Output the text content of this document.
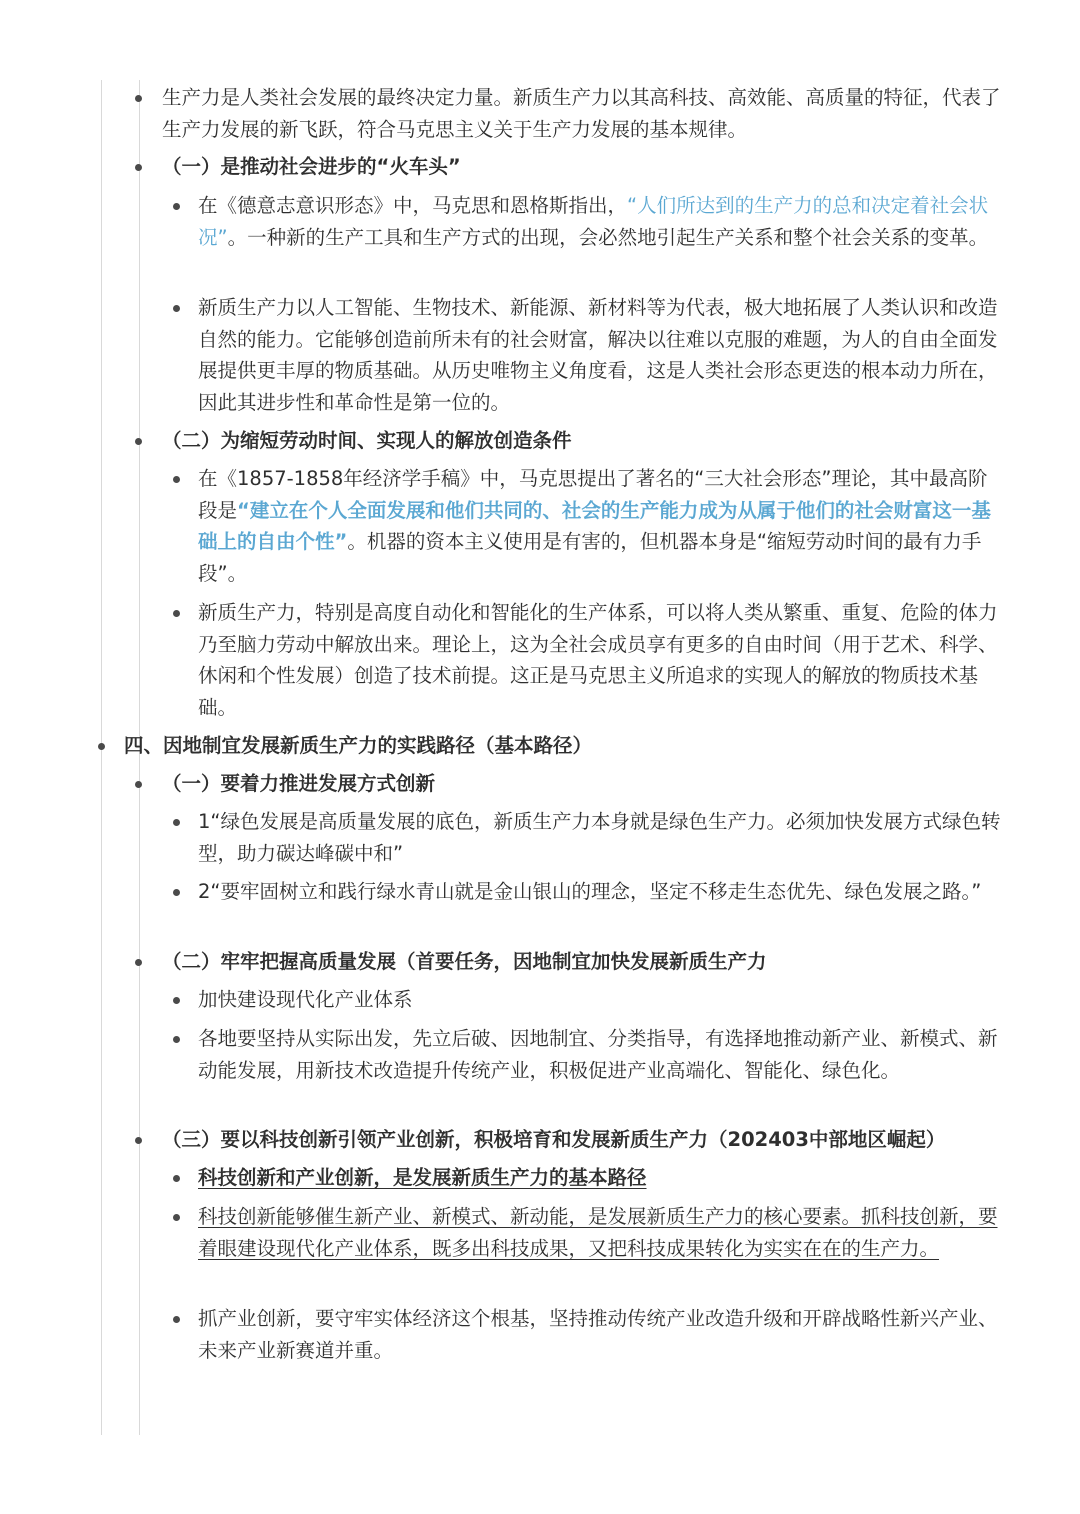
生产力是人类社会发展的最终决定力量。新质生产力以其高科技、高效能、高质量的特征，代表了生产力发展的新飞跃，符合马克思主义关于生产力发展的基本规律。
（一）是推动社会进步的“火车头”
在《德意志意识形态》中，马克思和恩格斯指出，“人们所达到的生产力的总和决定着社会状况”。一种新的生产工具和生产方式的出现，会必然地引起生产关系和整个社会关系的变革。
新质生产力以人工智能、生物技术、新能源、新材料等为代表，极大地拓展了人类认识和改造自然的能力。它能够创造前所未有的社会财富，解决以往难以克服的难题，为人的自由全面发展提供更丰厚的物质基础。从历史唯物主义角度看，这是人类社会形态更迭的根本动力所在，因此其进步性和革命性是第一位的。
（二）为缩短劳动时间、实现人的解放创造条件
在《1857-1858年经济学手稿》中，马克思提出了著名的“三大社会形态”理论，其中最高阶段是“建立在个人全面发展和他们共同的、社会的生产能力成为从属于他们的社会财富这一基础上的自由个性”。机器的资本主义使用是有害的，但机器本身是“缩短劳动时间的最有力手段”。
新质生产力，特别是高度自动化和智能化的生产体系，可以将人类从繁重、重复、危险的体力乃至脑力劳动中解放出来。理论上，这为全社会成员享有更多的自由时间（用于艺术、科学、休闲和个性发展）创造了技术前提。这正是马克思主义所追求的实现人的解放的物质技术基础。
四、因地制宜发展新质生产力的实践路径（基本路径）
（一）要着力推进发展方式创新
1“绿色发展是高质量发展的底色，新质生产力本身就是绿色生产力。必须加快发展方式绿色转型，助力碳达峰碳中和”
2“要牢固树立和践行绿水青山就是金山银山的理念，坚定不移走生态优先、绿色发展之路。”
（二）牢牢把握高质量发展（首要任务，因地制宜加快发展新质生产力
加快建设现代化产业体系
各地要坚持从实际出发，先立后破、因地制宜、分类指导，有选择地推动新产业、新模式、新动能发展，用新技术改造提升传统产业，积极促进产业高端化、智能化、绿色化。
（三）要以科技创新引领产业创新，积极培育和发展新质生产力（202403中部地区崛起）
科技创新和产业创新，是发展新质生产力的基本路径
科技创新能够催生新产业、新模式、新动能，是发展新质生产力的核心要素。抓科技创新，要着眼建设现代化产业体系，既多出科技成果，又把科技成果转化为实实在在的生产力。
抓产业创新，要守牢实体经济这个根基，坚持推动传统产业改造升级和开辟战略性新兴产业、未来产业新赛道并重。
